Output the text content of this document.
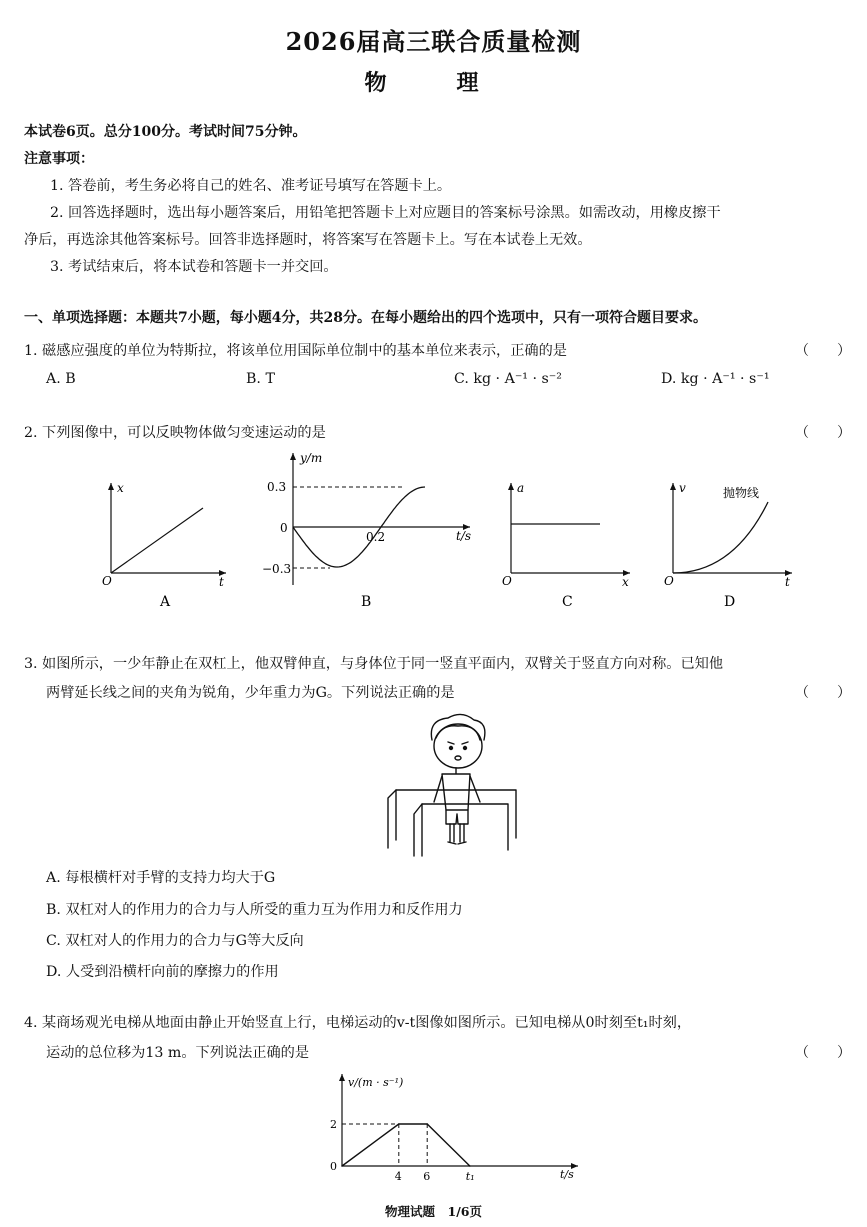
2026届高三联合质量检测
物　理
本试卷6页。总分100分。考试时间75分钟。
注意事项：
1. 答卷前，考生务必将自己的姓名、准考证号填写在答题卡上。
2. 回答选择题时，选出每小题答案后，用铅笔把答题卡上对应题目的答案标号涂黑。如需改动，用橡皮擦干
净后，再选涂其他答案标号。回答非选择题时，将答案写在答题卡上。写在本试卷上无效。
3. 考试结束后，将本试卷和答题卡一并交回。
一、单项选择题：本题共7小题，每小题4分，共28分。在每小题给出的四个选项中，只有一项符合题目要求。
1. 磁感应强度的单位为特斯拉，将该单位用国际单位制中的基本单位来表示，正确的是	（　　）
A. B	B. T	C. kg · A⁻¹ · s⁻²	D. kg · A⁻¹ · s⁻¹
2. 下列图像中，可以反映物体做匀变速运动的是	（　　）
x
t
O
A
y/m
t/s
0.3
0
−0.3
0.2
B
a
x
O
C
v
t
O
抛物线
D
3. 如图所示，一少年静止在双杠上，他双臂伸直，与身体位于同一竖直平面内，双臂关于竖直方向对称。已知他
两臂延长线之间的夹角为锐角，少年重力为G。下列说法正确的是	（　　）
A. 每根横杆对手臂的支持力均大于G
B. 双杠对人的作用力的合力与人所受的重力互为作用力和反作用力
C. 双杠对人的作用力的合力与G等大反向
D. 人受到沿横杆向前的摩擦力的作用
4. 某商场观光电梯从地面由静止开始竖直上行，电梯运动的v-t图像如图所示。已知电梯从0时刻至t₁时刻，
运动的总位移为13 m。下列说法正确的是	（　　）
v/(m · s⁻¹)
t/s
2
0
4 6	t₁
物理试题　1/6页
